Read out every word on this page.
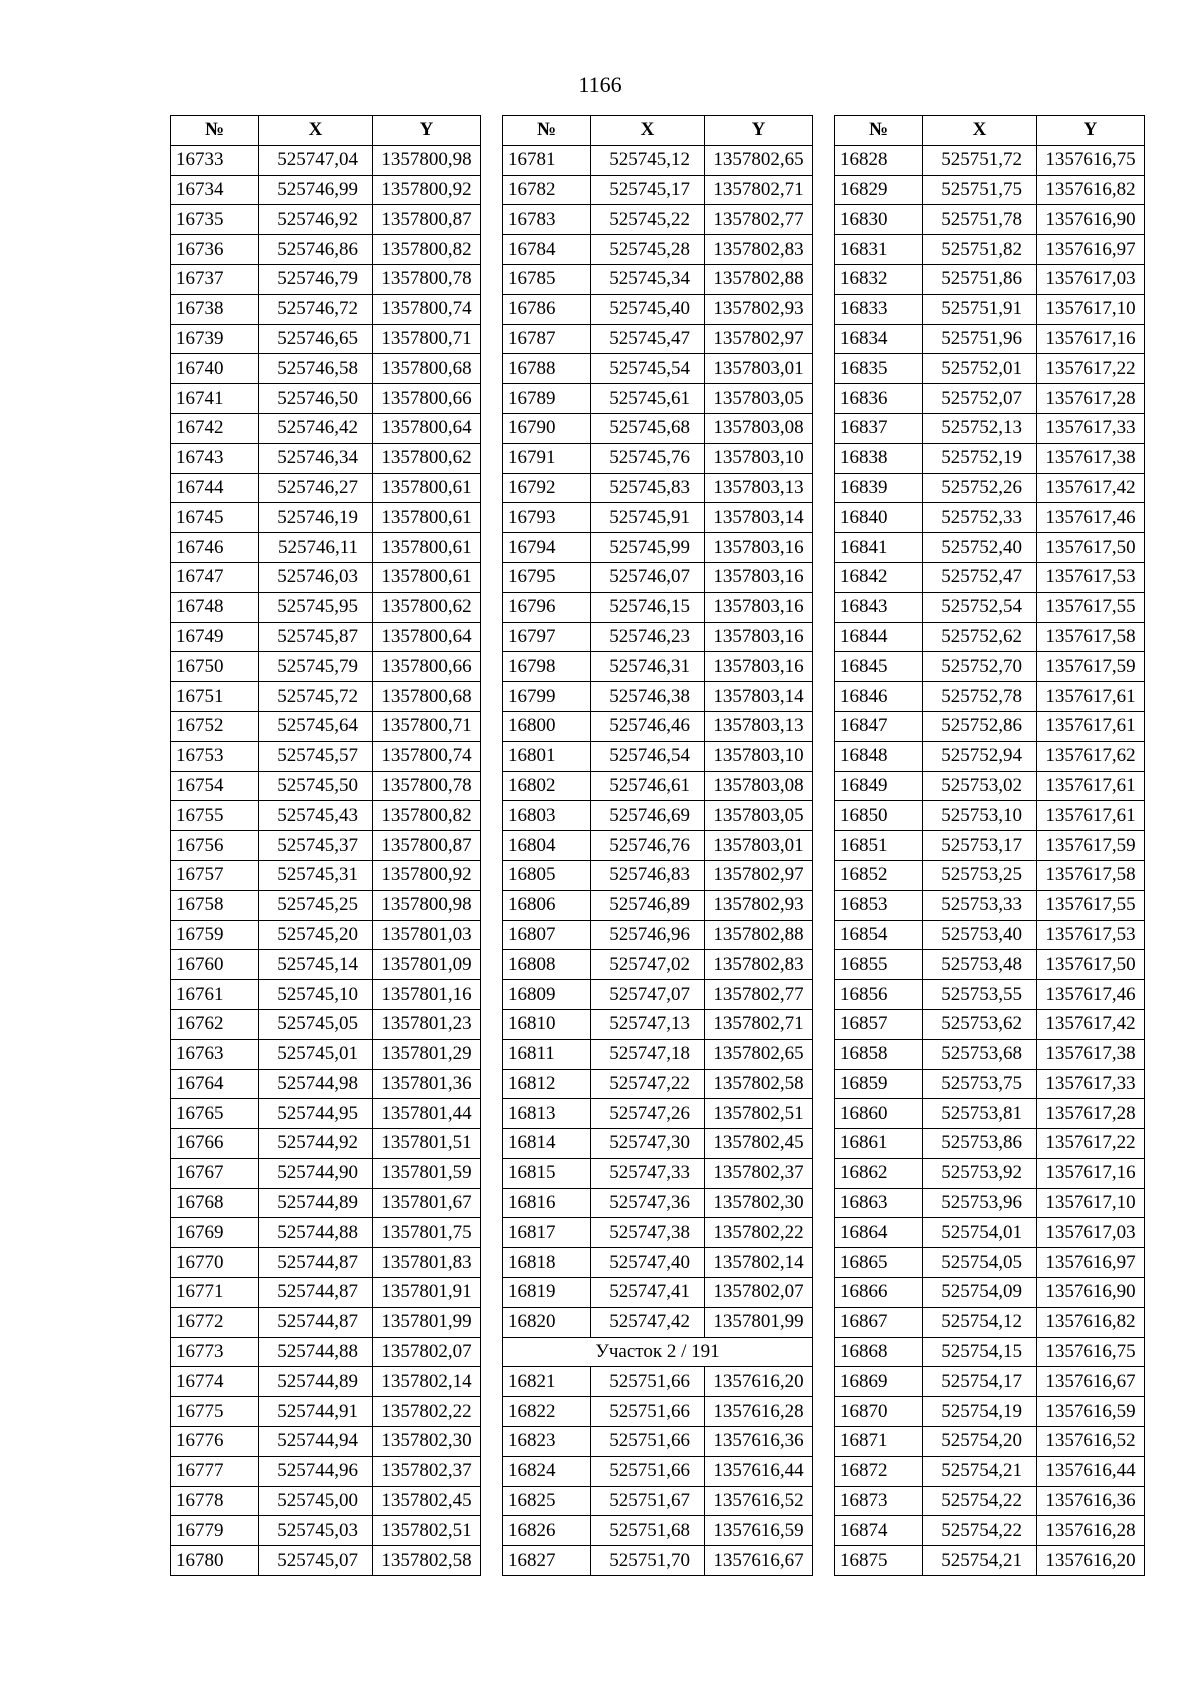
1166
№	X	Y
16733	525747,04	1357800,98
16734	525746,99	1357800,92
16735	525746,92	1357800,87
16736	525746,86	1357800,82
16737	525746,79	1357800,78
16738	525746,72	1357800,74
16739	525746,65	1357800,71
16740	525746,58	1357800,68
16741	525746,50	1357800,66
16742	525746,42	1357800,64
16743	525746,34	1357800,62
16744	525746,27	1357800,61
16745	525746,19	1357800,61
16746	525746,11	1357800,61
16747	525746,03	1357800,61
16748	525745,95	1357800,62
16749	525745,87	1357800,64
16750	525745,79	1357800,66
16751	525745,72	1357800,68
16752	525745,64	1357800,71
16753	525745,57	1357800,74
16754	525745,50	1357800,78
16755	525745,43	1357800,82
16756	525745,37	1357800,87
16757	525745,31	1357800,92
16758	525745,25	1357800,98
16759	525745,20	1357801,03
16760	525745,14	1357801,09
16761	525745,10	1357801,16
16762	525745,05	1357801,23
16763	525745,01	1357801,29
16764	525744,98	1357801,36
16765	525744,95	1357801,44
16766	525744,92	1357801,51
16767	525744,90	1357801,59
16768	525744,89	1357801,67
16769	525744,88	1357801,75
16770	525744,87	1357801,83
16771	525744,87	1357801,91
16772	525744,87	1357801,99
16773	525744,88	1357802,07
16774	525744,89	1357802,14
16775	525744,91	1357802,22
16776	525744,94	1357802,30
16777	525744,96	1357802,37
16778	525745,00	1357802,45
16779	525745,03	1357802,51
16780	525745,07	1357802,58
№	X	Y
16781	525745,12	1357802,65
16782	525745,17	1357802,71
16783	525745,22	1357802,77
16784	525745,28	1357802,83
16785	525745,34	1357802,88
16786	525745,40	1357802,93
16787	525745,47	1357802,97
16788	525745,54	1357803,01
16789	525745,61	1357803,05
16790	525745,68	1357803,08
16791	525745,76	1357803,10
16792	525745,83	1357803,13
16793	525745,91	1357803,14
16794	525745,99	1357803,16
16795	525746,07	1357803,16
16796	525746,15	1357803,16
16797	525746,23	1357803,16
16798	525746,31	1357803,16
16799	525746,38	1357803,14
16800	525746,46	1357803,13
16801	525746,54	1357803,10
16802	525746,61	1357803,08
16803	525746,69	1357803,05
16804	525746,76	1357803,01
16805	525746,83	1357802,97
16806	525746,89	1357802,93
16807	525746,96	1357802,88
16808	525747,02	1357802,83
16809	525747,07	1357802,77
16810	525747,13	1357802,71
16811	525747,18	1357802,65
16812	525747,22	1357802,58
16813	525747,26	1357802,51
16814	525747,30	1357802,45
16815	525747,33	1357802,37
16816	525747,36	1357802,30
16817	525747,38	1357802,22
16818	525747,40	1357802,14
16819	525747,41	1357802,07
16820	525747,42	1357801,99
Участок 2 / 191		
16821	525751,66	1357616,20
16822	525751,66	1357616,28
16823	525751,66	1357616,36
16824	525751,66	1357616,44
16825	525751,67	1357616,52
16826	525751,68	1357616,59
16827	525751,70	1357616,67
№	X	Y
16828	525751,72	1357616,75
16829	525751,75	1357616,82
16830	525751,78	1357616,90
16831	525751,82	1357616,97
16832	525751,86	1357617,03
16833	525751,91	1357617,10
16834	525751,96	1357617,16
16835	525752,01	1357617,22
16836	525752,07	1357617,28
16837	525752,13	1357617,33
16838	525752,19	1357617,38
16839	525752,26	1357617,42
16840	525752,33	1357617,46
16841	525752,40	1357617,50
16842	525752,47	1357617,53
16843	525752,54	1357617,55
16844	525752,62	1357617,58
16845	525752,70	1357617,59
16846	525752,78	1357617,61
16847	525752,86	1357617,61
16848	525752,94	1357617,62
16849	525753,02	1357617,61
16850	525753,10	1357617,61
16851	525753,17	1357617,59
16852	525753,25	1357617,58
16853	525753,33	1357617,55
16854	525753,40	1357617,53
16855	525753,48	1357617,50
16856	525753,55	1357617,46
16857	525753,62	1357617,42
16858	525753,68	1357617,38
16859	525753,75	1357617,33
16860	525753,81	1357617,28
16861	525753,86	1357617,22
16862	525753,92	1357617,16
16863	525753,96	1357617,10
16864	525754,01	1357617,03
16865	525754,05	1357616,97
16866	525754,09	1357616,90
16867	525754,12	1357616,82
16868	525754,15	1357616,75
16869	525754,17	1357616,67
16870	525754,19	1357616,59
16871	525754,20	1357616,52
16872	525754,21	1357616,44
16873	525754,22	1357616,36
16874	525754,22	1357616,28
16875	525754,21	1357616,20
